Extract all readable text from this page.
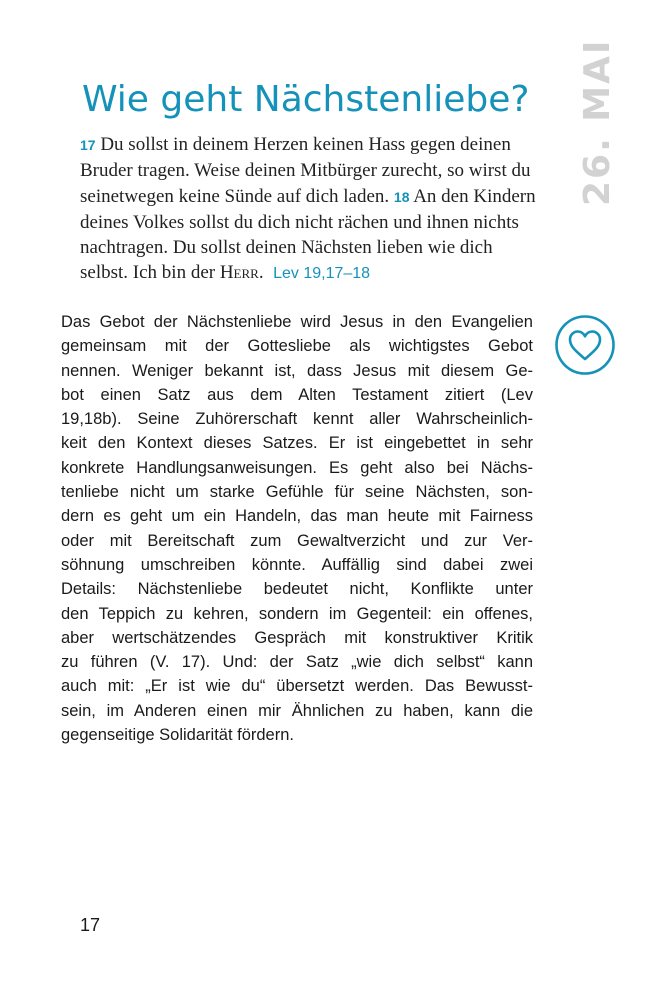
26. MAI
Wie geht Nächstenliebe?
17 Du sollst in deinem Herzen keinen Hass gegen deinen Bruder tragen. Weise deinen Mitbürger zurecht, so wirst du seinetwegen keine Sünde auf dich laden. 18 An den Kindern deines Volkes sollst du dich nicht rächen und ihnen nichts nachtragen. Du sollst deinen Nächsten lieben wie dich selbst. Ich bin der Herr. Lev 19,17–18
Das Gebot der Nächstenliebe wird Jesus in den Evangelien
gemeinsam mit der Gottesliebe als wichtigstes Gebot
nennen. Weniger bekannt ist, dass Jesus mit diesem Ge-
bot einen Satz aus dem Alten Testament zitiert (Lev
19,18b). Seine Zuhörerschaft kennt aller Wahrscheinlich-
keit den Kontext dieses Satzes. Er ist eingebettet in sehr
konkrete Handlungsanweisungen. Es geht also bei Nächs-
tenliebe nicht um starke Gefühle für seine Nächsten, son-
dern es geht um ein Handeln, das man heute mit Fairness
oder mit Bereitschaft zum Gewaltverzicht und zur Ver-
söhnung umschreiben könnte. Auffällig sind dabei zwei
Details: Nächstenliebe bedeutet nicht, Konflikte unter
den Teppich zu kehren, sondern im Gegenteil: ein offenes,
aber wertschätzendes Gespräch mit konstruktiver Kritik
zu führen (V. 17). Und: der Satz „wie dich selbst“ kann
auch mit: „Er ist wie du“ übersetzt werden. Das Bewusst-
sein, im Anderen einen mir Ähnlichen zu haben, kann die
gegenseitige Solidarität fördern.
17
